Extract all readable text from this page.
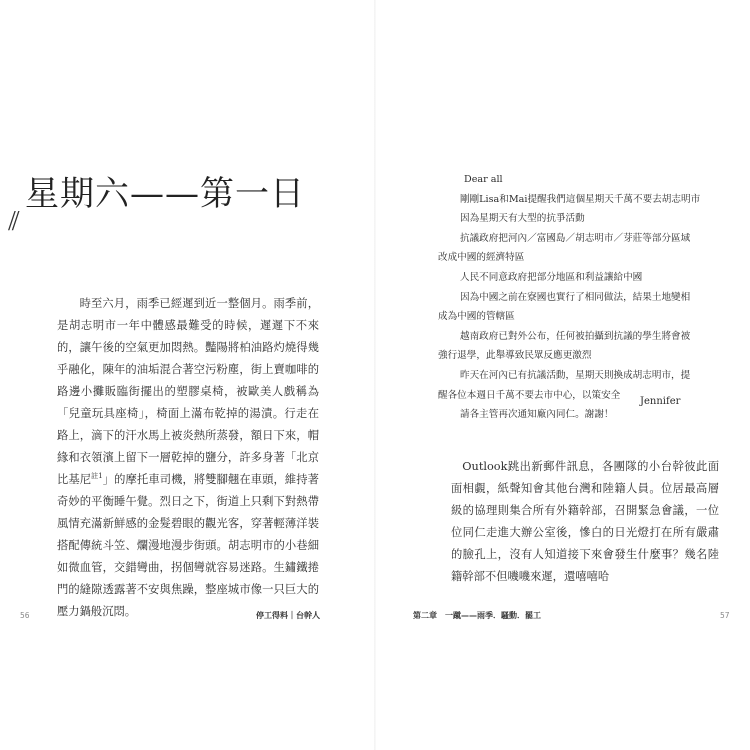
星期六——第一日
//
時至六月，雨季已經遲到近一整個月。雨季前，是胡志明市一年中體感最難受的時候，遲遲下不來的，讓午後的空氣更加悶熱。豔陽將柏油路灼燒得幾乎融化，陳年的油垢混合著空污粉塵，街上賣咖啡的路邊小攤販臨街擺出的塑膠桌椅，被歐美人戲稱為「兒童玩具座椅」，椅面上滿布乾掉的湯漬。行走在路上，滴下的汗水馬上被炎熱所蒸發，額日下來，帽緣和衣領濱上留下一層乾掉的鹽分，許多身著「北京比基尼$^{註1}$」的摩托車司機，將雙腳翹在車頭，維持著奇妙的平衡睡午覺。烈日之下，街道上只剩下對熱帶風情充滿新鮮感的金髮碧眼的觀光客，穿著輕薄洋裝搭配傳統斗笠、爛漫地漫步街頭。胡志明市的小巷細如微血管，交錯彎曲，拐個彎就容易迷路。生鏽鐵捲門的縫隙透露著不安與焦躁，整座城市像一只巨大的壓力鍋般沉悶。
56	停工得料｜台幹人
Dear all
剛剛Lisa和Mai提醒我們這個星期天千萬不要去胡志明市
因為星期天有大型的抗爭活動
抗議政府把河內／富國島／胡志明市／芽莊等部分區域
改成中國的經濟特區
人民不同意政府把部分地區和利益讓給中國
因為中國之前在寮國也實行了相同做法，結果土地變相
成為中國的管轄區
越南政府已對外公布，任何被拍攝到抗議的學生將會被
強行退學，此舉導致民眾反應更激烈
昨天在河內已有抗議活動，星期天則換成胡志明市，提
醒各位本週日千萬不要去市中心，以策安全
請各主管再次通知廠內同仁。謝謝！
Jennifer
Outlook跳出新郵件訊息，各團隊的小台幹彼此面面相覷，紙聲知會其他台灣和陸籍人員。位居最高層級的協理則集合所有外籍幹部，召開緊急會議，一位位同仁走進大辦公室後，慘白的日光燈打在所有嚴肅的臉孔上，沒有人知道接下來會發生什麼事？幾名陸籍幹部不但嘰嘰來遲，還嘻嘻哈
第二章　一蹴——雨季．騷動．罷工	57
